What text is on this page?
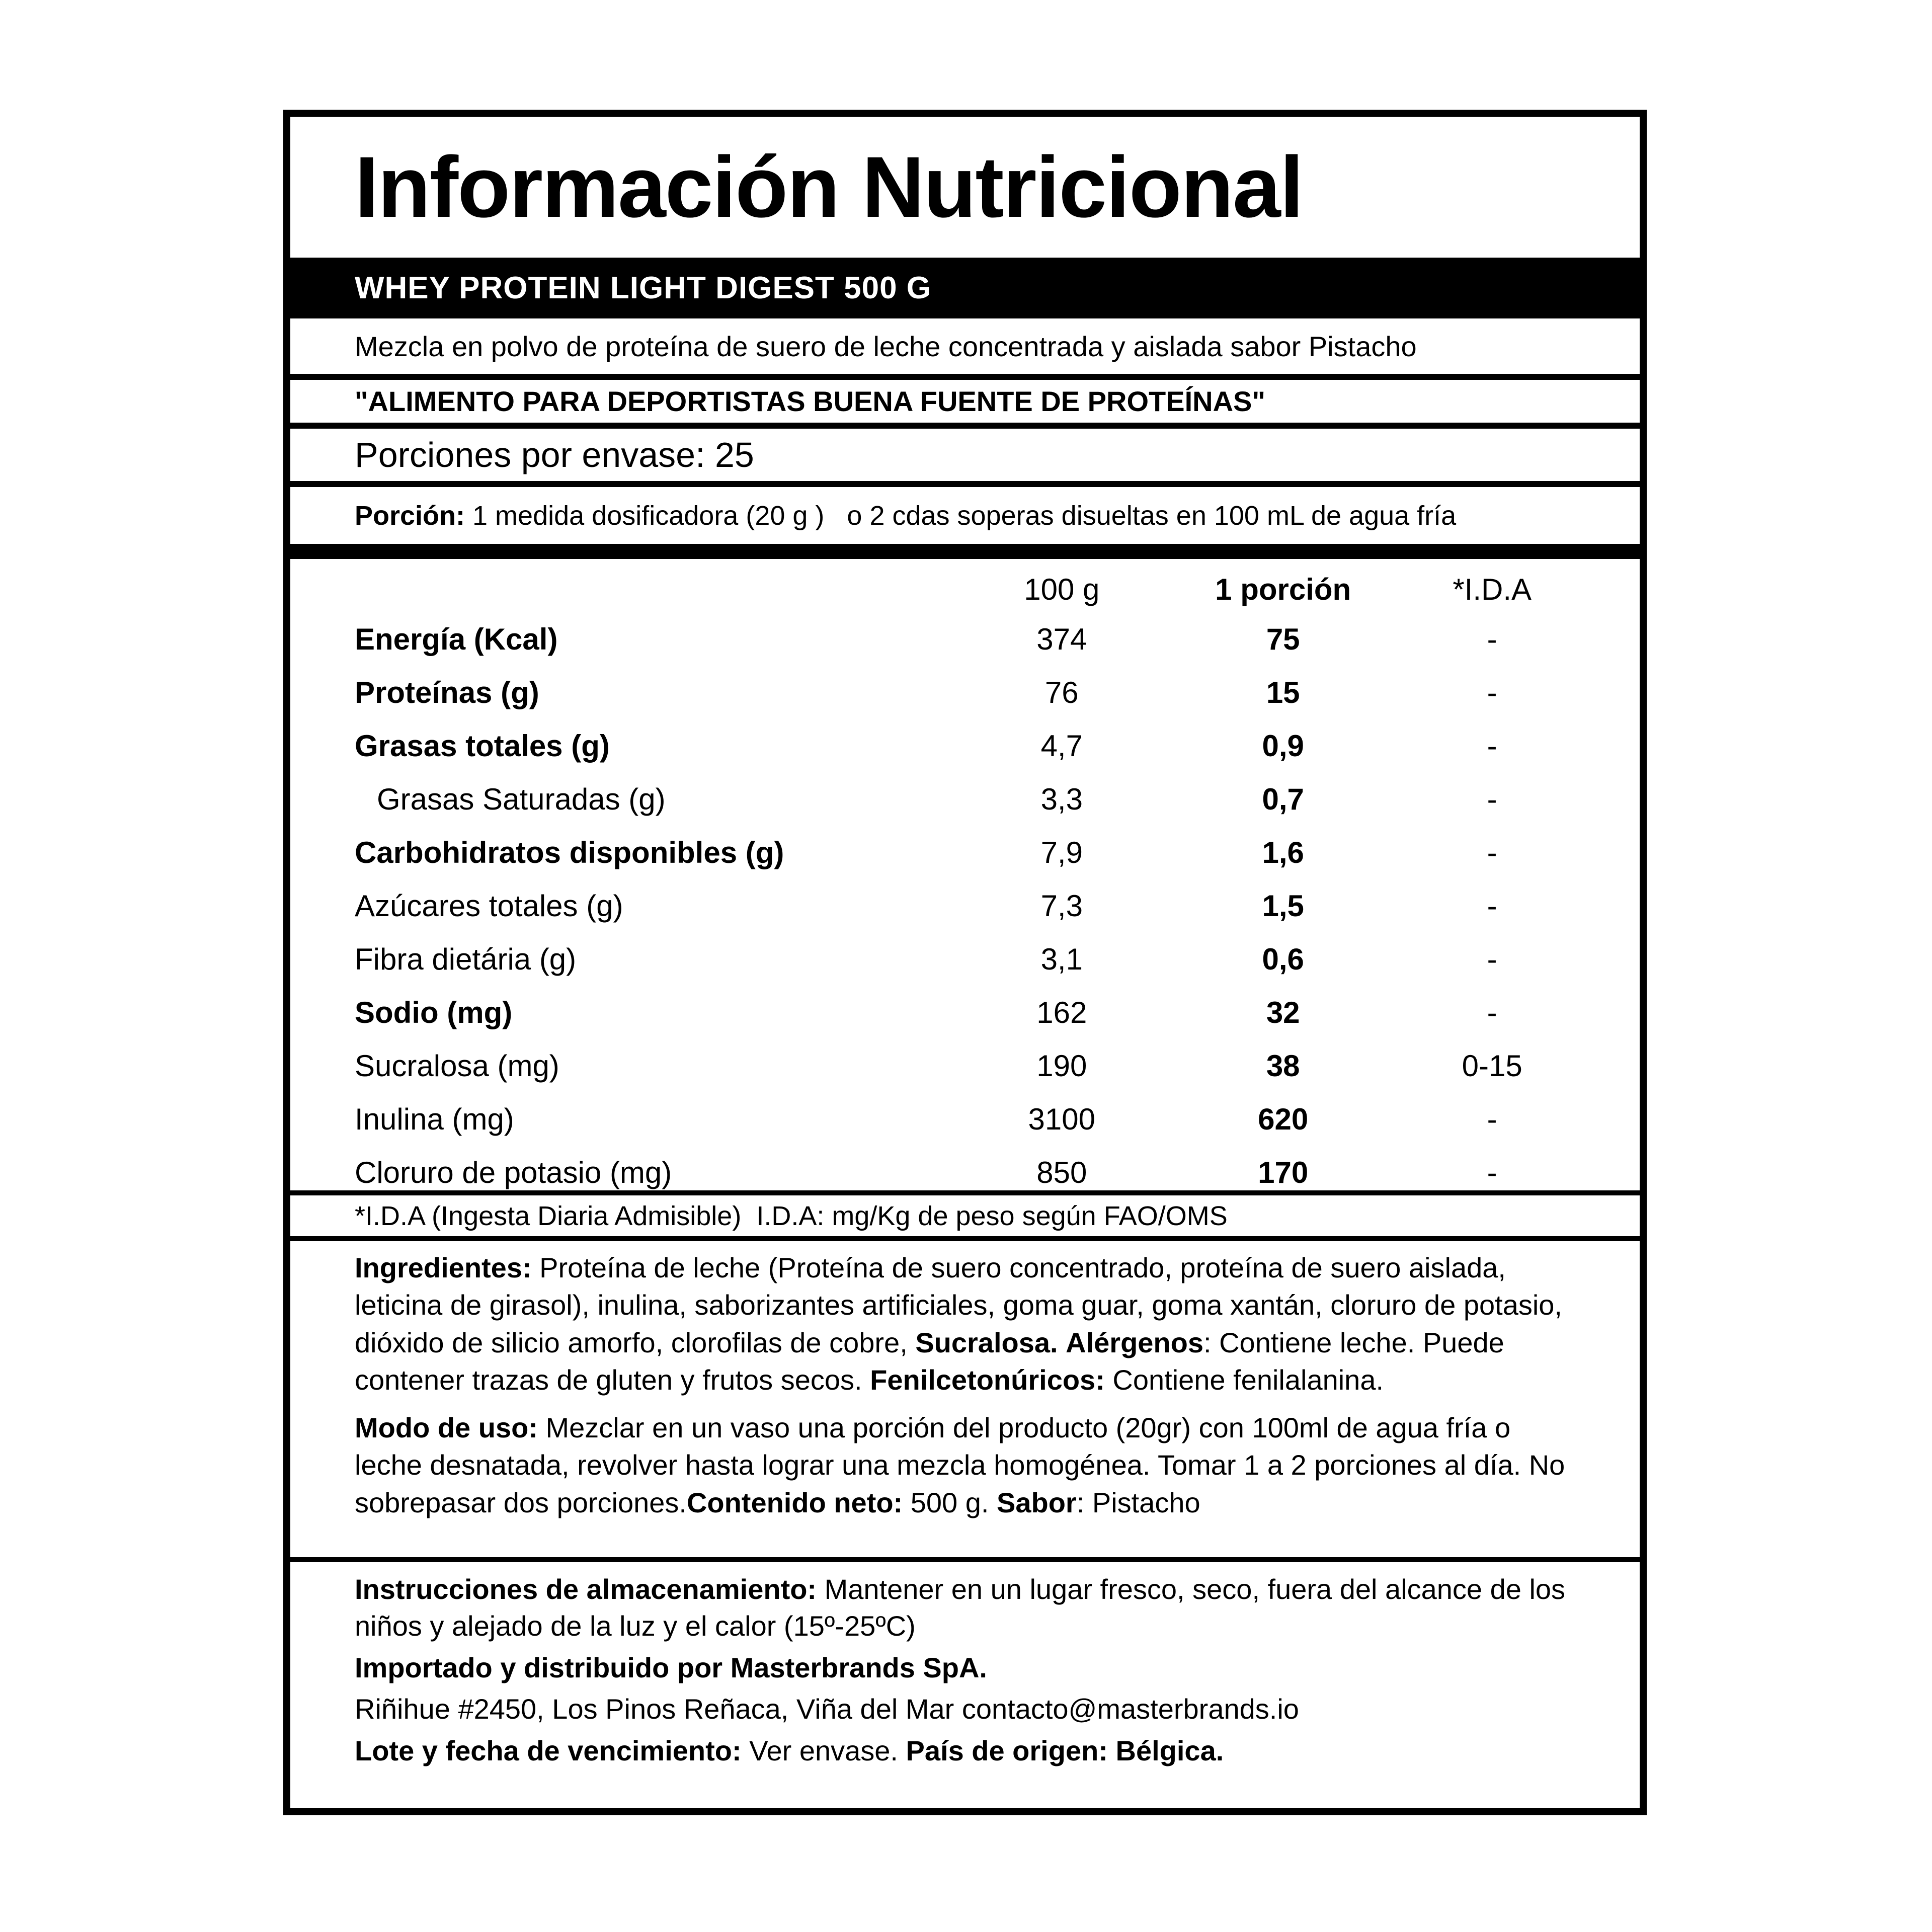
Información Nutricional
WHEY PROTEIN LIGHT DIGEST 500 G
Mezcla en polvo de proteína de suero de leche concentrada y aislada sabor Pistacho
"ALIMENTO PARA DEPORTISTAS BUENA FUENTE DE PROTEÍNAS"
Porciones por envase: 25
Porción: 1 medida dosificadora (20 g )   o 2 cdas soperas disueltas en 100 mL de agua fría
100 g	1 porción	*I.D.A
Energía (Kcal)	374	75	-
Proteínas (g)	76	15	-
Grasas totales (g)	4,7	0,9	-
Grasas Saturadas (g)	3,3	0,7	-
Carbohidratos disponibles (g)	7,9	1,6	-
Azúcares totales (g)	7,3	1,5	-
Fibra dietária (g)	3,1	0,6	-
Sodio (mg)	162	32	-
Sucralosa (mg)	190	38	0-15
Inulina (mg)	3100	620	-
Cloruro de potasio (mg)	850	170	-
*I.D.A (Ingesta Diaria Admisible)  I.D.A: mg/Kg de peso según FAO/OMS

Ingredientes: Proteína de leche (Proteína de suero concentrado, proteína de suero aislada, leticina de girasol), inulina, saborizantes artificiales, goma guar, goma xantán, cloruro de potasio, dióxido de silicio amorfo, clorofilas de cobre, Sucralosa. Alérgenos: Contiene leche. Puede contener trazas de gluten y frutos secos. Fenilcetonúricos: Contiene fenilalanina.

Modo de uso: Mezclar en un vaso una porción del producto (20gr) con 100ml de agua fría o leche desnatada, revolver hasta lograr una mezcla homogénea. Tomar 1 a 2 porciones al día. No sobrepasar dos porciones.Contenido neto: 500 g. Sabor: Pistacho

Instrucciones de almacenamiento: Mantener en un lugar fresco, seco, fuera del alcance de los niños y alejado de la luz y el calor (15º-25ºC)

Importado y distribuido por Masterbrands SpA.

Riñihue #2450, Los Pinos Reñaca, Viña del Mar contacto@masterbrands.io

Lote y fecha de vencimiento: Ver envase. País de origen: Bélgica.
